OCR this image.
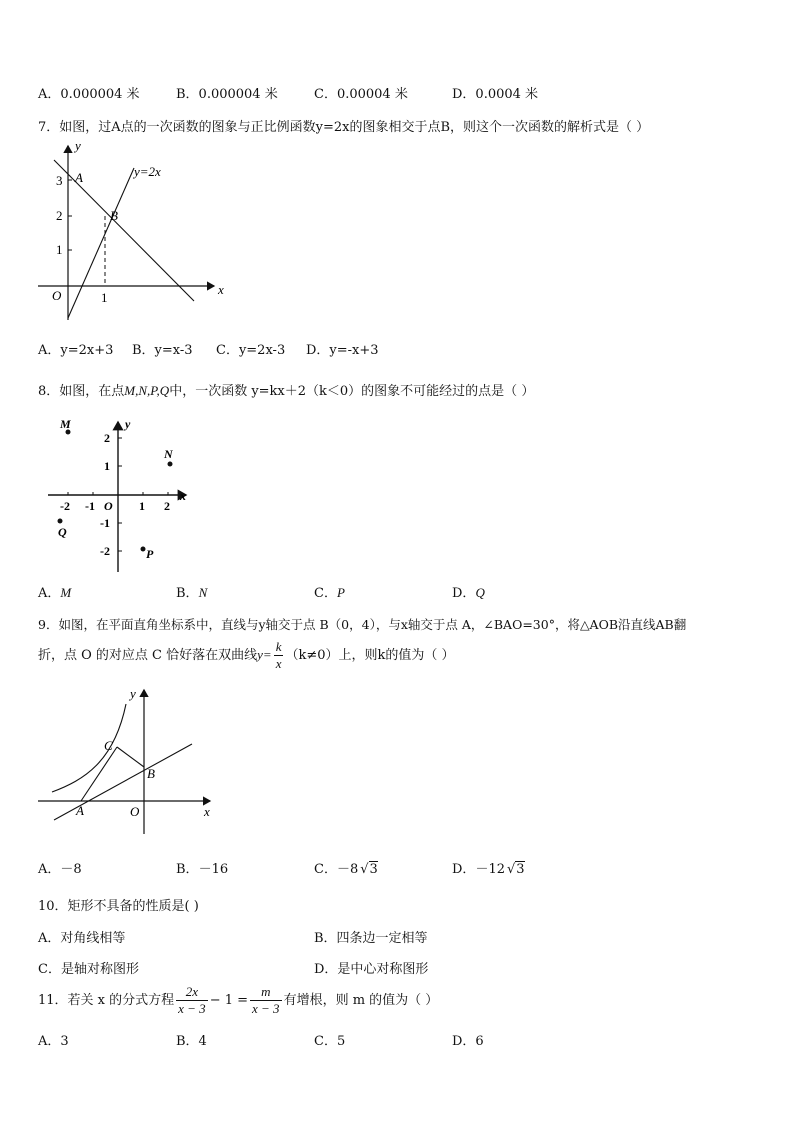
A．0.000004 米	B．0.000004 米	C．0.00004 米	D．0.0004 米
7．如图，过A点的一次函数的图象与正比例函数y=2x的图象相交于点B，则这个一次函数的解析式是（ ）
y
x
O
y=2x
A
B
3
2
1
1
A．y=2x+3 B．y=x-3 C．y=2x-3 D．y=-x+3
8．如图，在点M,N,P,Q中，一次函数 y=kx＋2（k＜0）的图象不可能经过的点是（ ）
y
x
O
-2 -1	1 2
2
1
-1
-2
M
N
P
Q
A．M	B．N	C．P	D．Q
9．如图，在平面直角坐标系中，直线与y轴交于点 B（0，4），与x轴交于点 A，∠BAO=30°，将△AOB沿直线AB翻
折，点 O 的对应点 C 恰好落在双曲线$y= \frac{k}{x} (k\ne 0)$上，则k的值为（ ）
y
x
O
A
B
C
A．－8	B．－16	C．－8 √3	D．－12 √3
10．矩形不具备的性质是( )
A．对角线相等	B．四条边一定相等
C．是轴对称图形	D．是中心对称图形
11．若关 x 的分式方程 $\frac{2x}{x - 3} - 1 = \frac{m}{x - 3}$ 有增根，则 m 的值为（ ）
A．3	B．4	C．5	D．6
